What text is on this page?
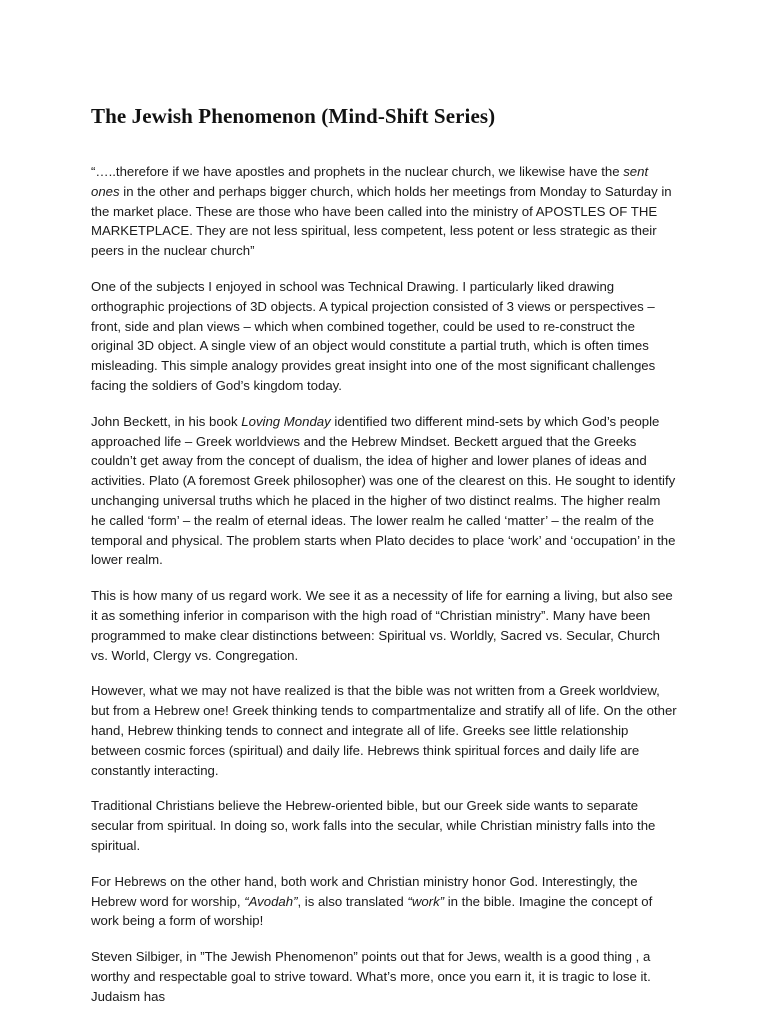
The Jewish Phenomenon (Mind-Shift Series)

“…..therefore if we have apostles and prophets in the nuclear church, we likewise have the sent ones in the other and perhaps bigger church, which holds her meetings from Monday to Saturday in the market place. These are those who have been called into the ministry of APOSTLES OF THE MARKETPLACE. They are not less spiritual, less competent, less potent or less strategic as their peers in the nuclear church”

One of the subjects I enjoyed in school was Technical Drawing. I particularly liked drawing orthographic projections of 3D objects. A typical projection consisted of 3 views or perspectives – front, side and plan views – which when combined together, could be used to re-construct the original 3D object. A single view of an object would constitute a partial truth, which is often times misleading. This simple analogy provides great insight into one of the most significant challenges facing the soldiers of God’s kingdom today.

John Beckett, in his book Loving Monday identified two different mind-sets by which God’s people approached life – Greek worldviews and the Hebrew Mindset. Beckett argued that the Greeks couldn’t get away from the concept of dualism, the idea of higher and lower planes of ideas and activities. Plato (A foremost Greek philosopher) was one of the clearest on this. He sought to identify unchanging universal truths which he placed in the higher of two distinct realms. The higher realm he called ‘form’ – the realm of eternal ideas. The lower realm he called ‘matter’ – the realm of the temporal and physical. The problem starts when Plato decides to place ‘work’ and ‘occupation’ in the lower realm.

This is how many of us regard work. We see it as a necessity of life for earning a living, but also see it as something inferior in comparison with the high road of “Christian ministry”. Many have been programmed to make clear distinctions between: Spiritual vs. Worldly, Sacred vs. Secular, Church vs. World, Clergy vs. Congregation.

However, what we may not have realized is that the bible was not written from a Greek worldview, but from a Hebrew one! Greek thinking tends to compartmentalize and stratify all of life. On the other hand, Hebrew thinking tends to connect and integrate all of life. Greeks see little relationship between cosmic forces (spiritual) and daily life. Hebrews think spiritual forces and daily life are constantly interacting.

Traditional Christians believe the Hebrew-oriented bible, but our Greek side wants to separate secular from spiritual. In doing so, work falls into the secular, while Christian ministry falls into the spiritual.

For Hebrews on the other hand, both work and Christian ministry honor God. Interestingly, the Hebrew word for worship, “Avodah”, is also translated “work” in the bible. Imagine the concept of work being a form of worship!

Steven Silbiger, in ”The Jewish Phenomenon” points out that for Jews, wealth is a good thing , a worthy and respectable goal to strive toward. What’s more, once you earn it, it is tragic to lose it. Judaism has
